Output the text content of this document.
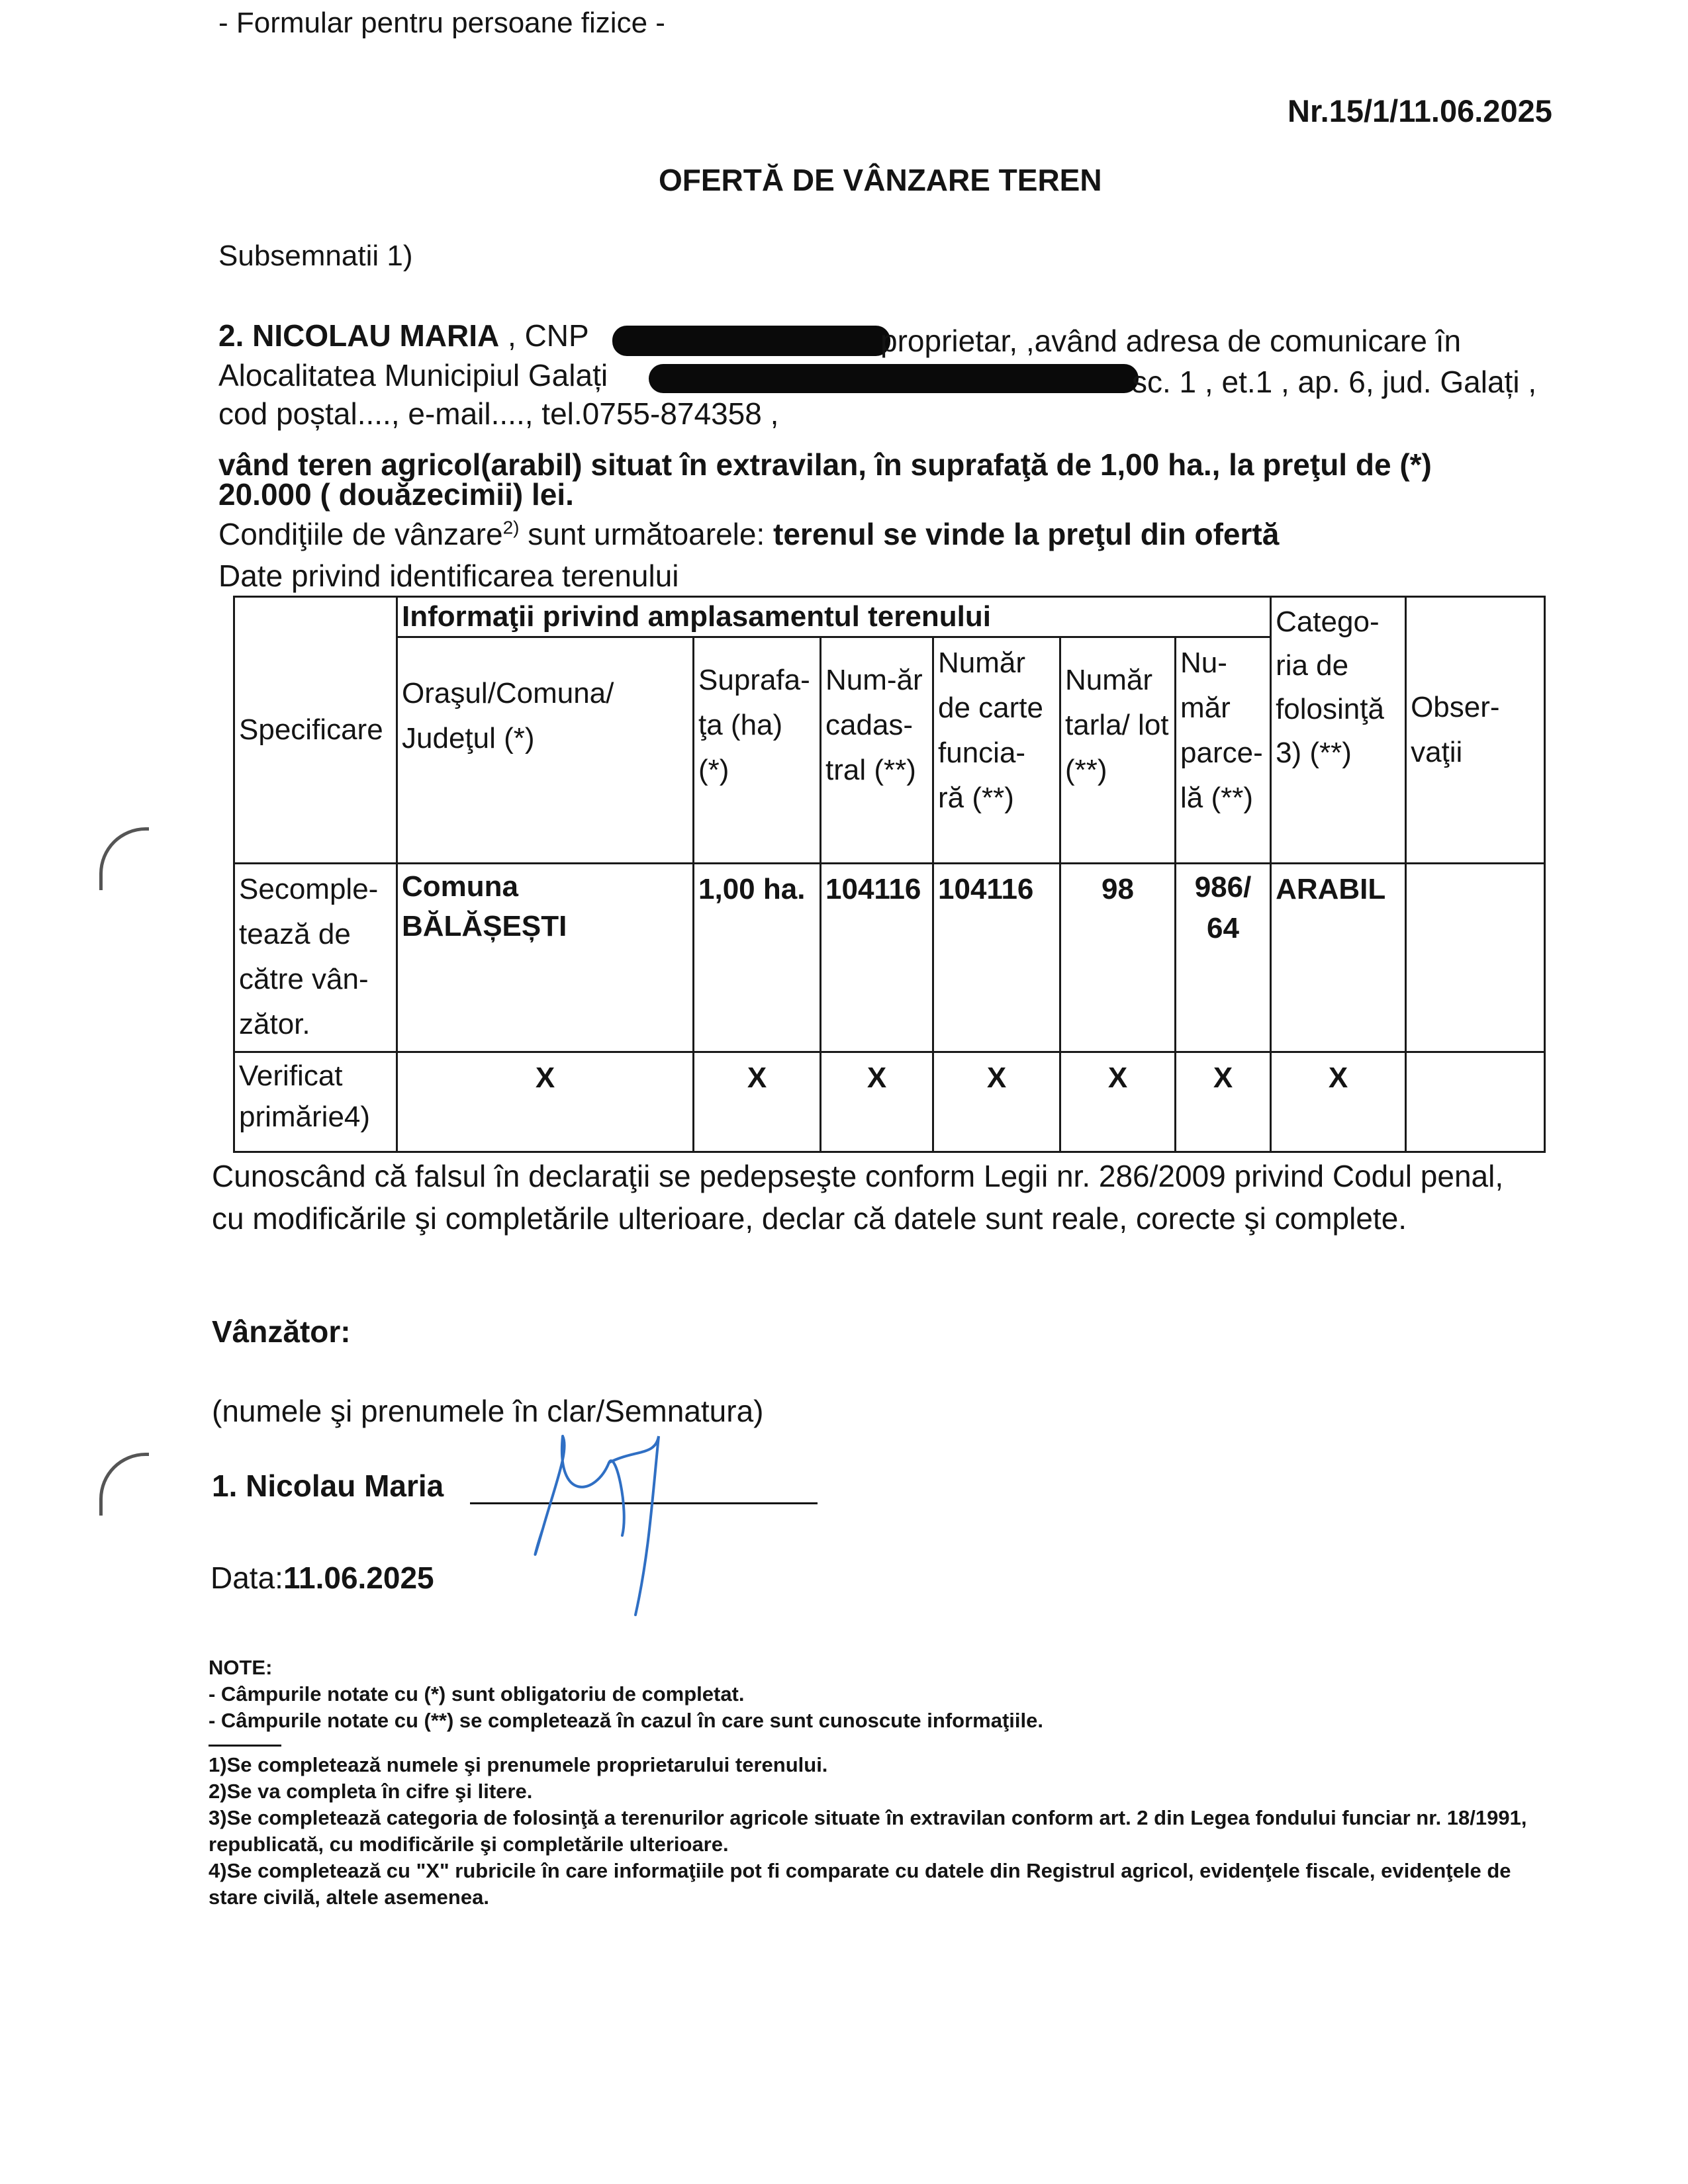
- Formular pentru persoane fizice -
Nr.15/1/11.06.2025
OFERTĂ DE VÂNZARE TEREN
Subsemnatii 1)
2. NICOLAU MARIA , CNP	proprietar, ,având adresa de comunicare în
Alocalitatea Municipiul Galați	sc. 1 , et.1 , ap. 6, jud. Galați ,
cod poștal...., e-mail...., tel.0755-874358 ,
vând teren agricol(arabil) situat în extravilan, în suprafaţă de 1,00 ha., la preţul de (*)
20.000 ( douăzecimii) lei.
Condiţiile de vânzare$^{2)}$ sunt următoarele: terenul se vinde la preţul din ofertă
Date privind identificarea terenului
Specificare	Informaţii privind amplasamentul terenului						Catego- ria de folosinţă 3) (**)	Obser- vaţii
	Oraşul/Comuna/ Judeţul (*)	Suprafa- ţa (ha) (*)	Num-ăr cadas- tral (**)	Număr de carte funcia- ră (**)	Număr tarla/ lot (**)	Nu- măr parce- lă (**)		
Secomple- tează de către vân- zător.	Comuna BĂLĂȘEȘTI	1,00 ha.	104116	104116	98	986/ 64	ARABIL	
Verificat primărie4)	X	X	X	X	X	X	X	
Cunoscând că falsul în declaraţii se pedepseşte conform Legii nr. 286/2009 privind Codul penal, cu modificările şi completările ulterioare, declar că datele sunt reale, corecte şi complete.
Vânzător:
(numele şi prenumele în clar/Semnatura)
1. Nicolau Maria
Data:11.06.2025
NOTE:
- Câmpurile notate cu (*) sunt obligatoriu de completat.
- Câmpurile notate cu (**) se completează în cazul în care sunt cunoscute informaţiile.
1)Se completează numele şi prenumele proprietarului terenului.
2)Se va completa în cifre şi litere.
3)Se completează categoria de folosinţă a terenurilor agricole situate în extravilan conform art. 2 din Legea fondului funciar nr. 18/1991, republicată, cu modificările şi completările ulterioare.
4)Se completează cu "X" rubricile în care informaţiile pot fi comparate cu datele din Registrul agricol, evidenţele fiscale, evidenţele de stare civilă, altele asemenea.
